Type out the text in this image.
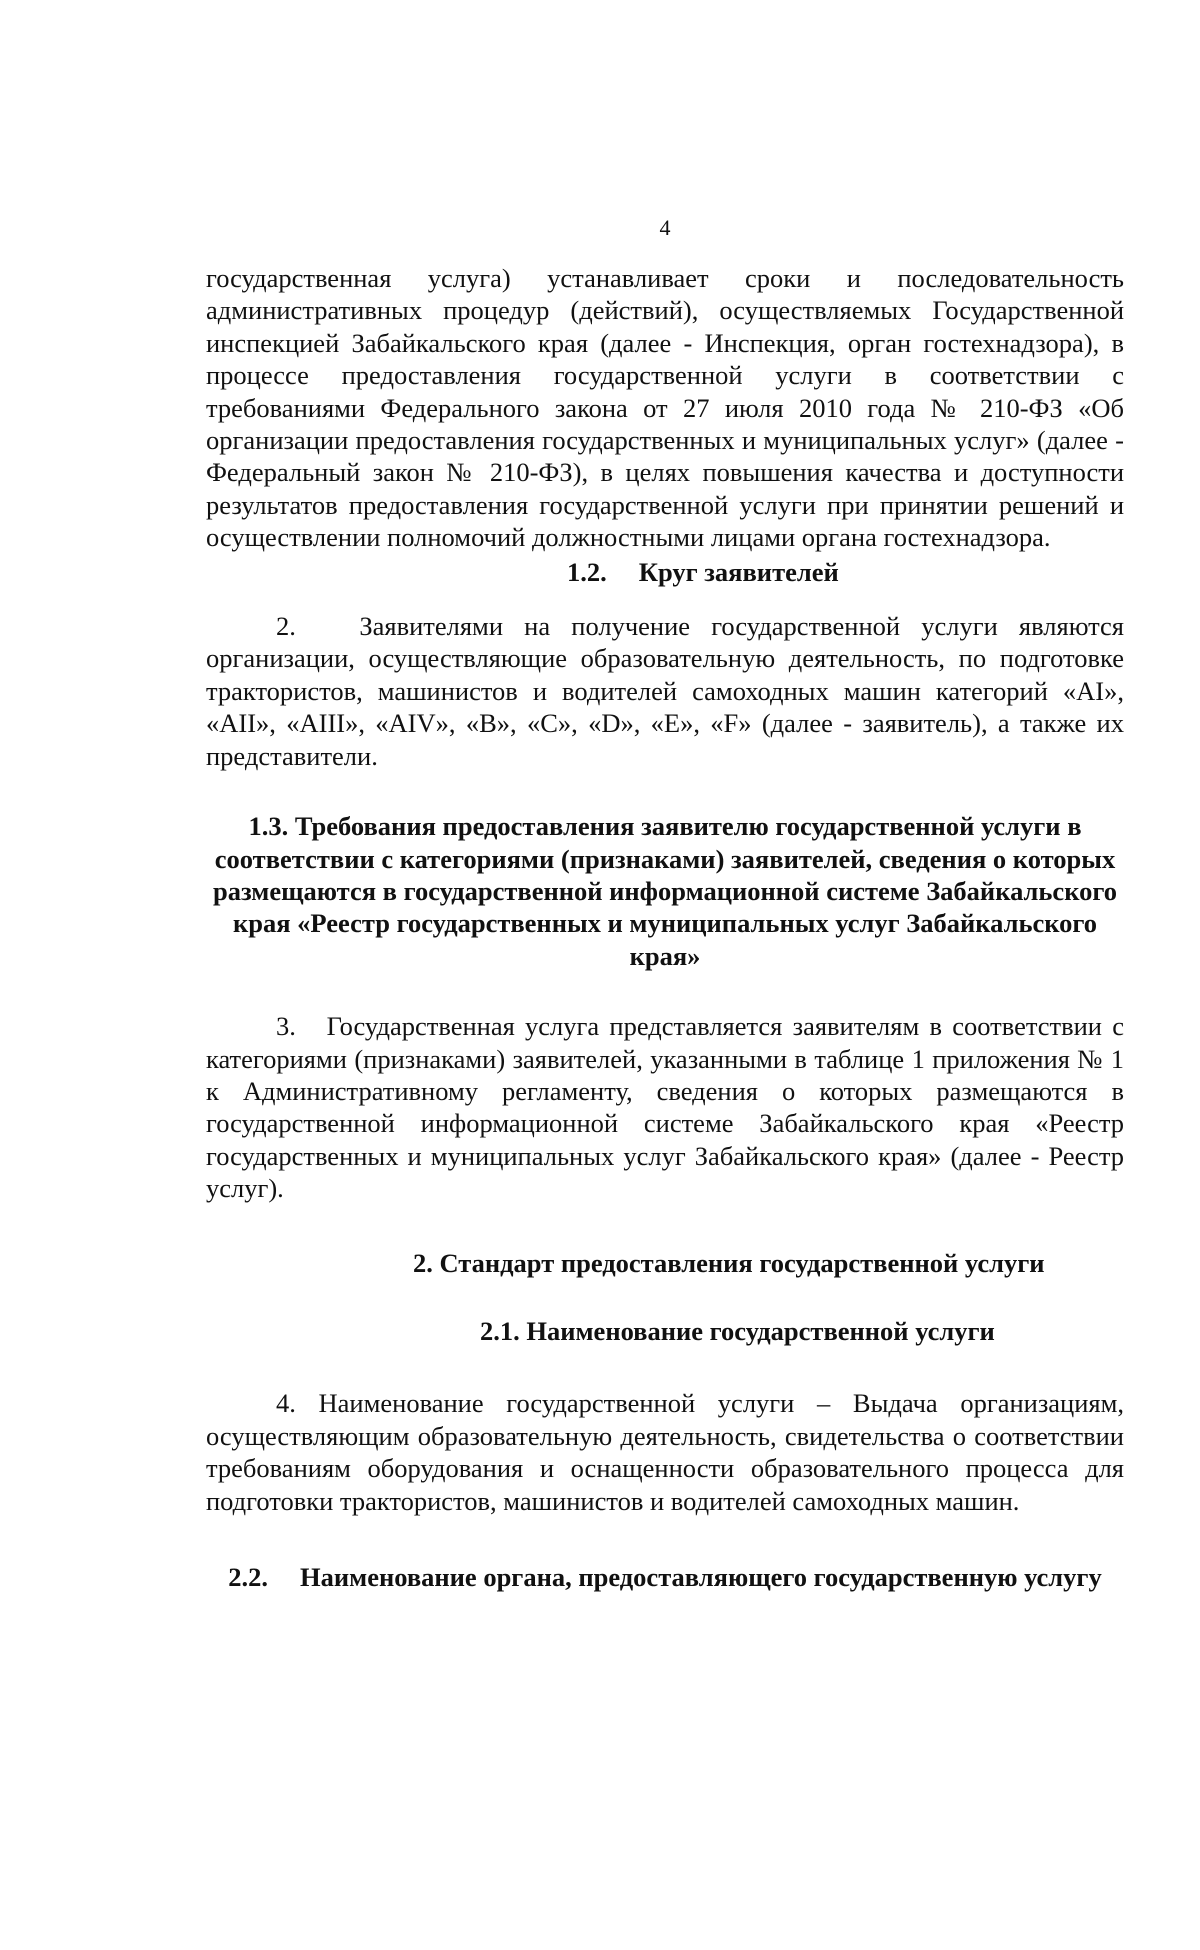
4

государственная услуга) устанавливает сроки и последовательность административных процедур (действий), осуществляемых Государственной инспекцией Забайкальского края (далее - Инспекция, орган гостехнадзора), в процессе предоставления государственной услуги в соответствии с требованиями Федерального закона от 27 июля 2010 года № 210-ФЗ «Об организации предоставления государственных и муниципальных услуг» (далее - Федеральный закон № 210-ФЗ), в целях повышения качества и доступности результатов предоставления государственной услуги при принятии решений и осуществлении полномочий должностными лицами органа гостехнадзора.

1.2. Круг заявителей

2.   Заявителями на получение государственной услуги являются организации, осуществляющие образовательную деятельность, по подготовке трактористов, машинистов и водителей самоходных машин категорий «AI», «AII», «AIII», «AIV», «B», «C», «D», «E», «F» (далее - заявитель), а также их представители.

1.3. Требования предоставления заявителю государственной услуги в соответствии с категориями (признаками) заявителей, сведения о которых размещаются в государственной информационной системе Забайкальского края «Реестр государственных и муниципальных услуг Забайкальского края»

3.   Государственная услуга представляется заявителям в соответствии с категориями (признаками) заявителей, указанными в таблице 1 приложения № 1 к Административному регламенту, сведения о которых размещаются в государственной информационной системе Забайкальского края «Реестр государственных и муниципальных услуг Забайкальского края» (далее - Реестр услуг).

2. Стандарт предоставления государственной услуги

2.1. Наименование государственной услуги

4. Наименование государственной услуги – Выдача организациям, осуществляющим образовательную деятельность, свидетельства о соответствии требованиям оборудования и оснащенности образовательного процесса для подготовки трактористов, машинистов и водителей самоходных машин.

2.2. Наименование органа, предоставляющего государственную услугу
